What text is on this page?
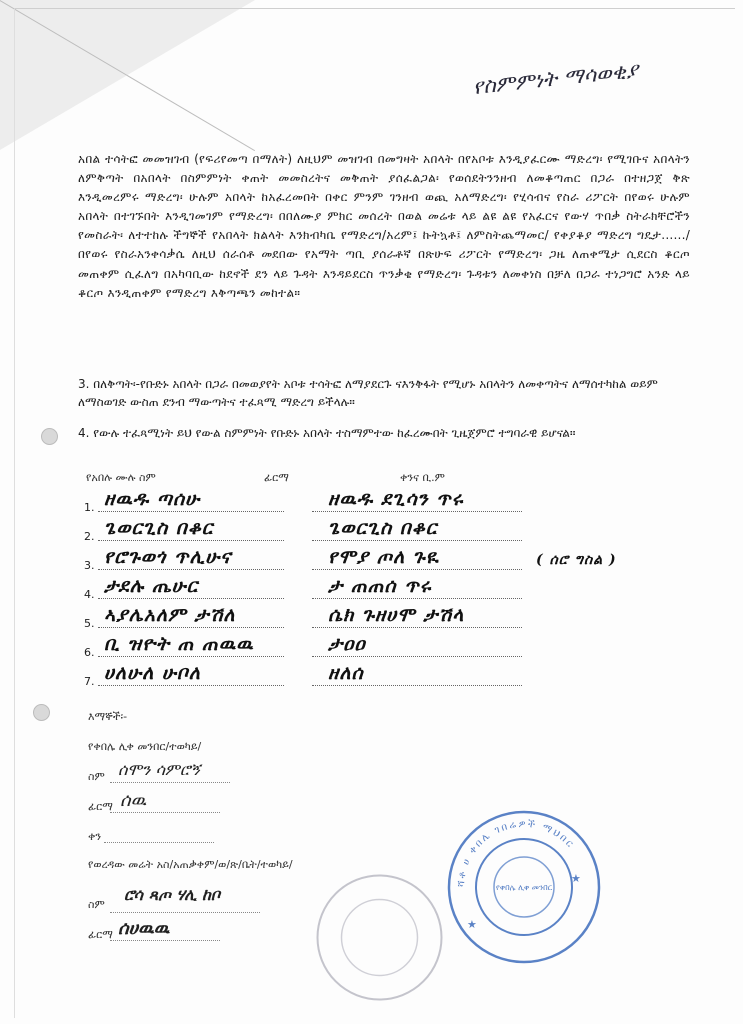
የስምምነት ማሳወቂያ
አበል ተሳትፎ መመዝገብ (የፍሪየመጣ በማለት) ለዚህም መዝገብ በመግዛት አበላት በየአቦቱ እንዲያፈርሙ ማድረግ፡ የሚገቡና አበላትን ለምቅጣት በአበላት በስምምነት ቀጠት መመስረትና መቅጠት ያሰፈልጋል፡ የወሰደትንንዘብ ለመቆጣጠር በጋራ በተዘጋጀ ቅጽ እንዲመረምሩ ማድረግ፡ ሁሉም አበላት ከአፈረመበት በቀር ምንም ገንዘብ ወጪ አለማድረግ፡ የሂሳብና የስራ ሪፖርት በየወሩ ሁሉም አበላት በተገኙበት እንዲገመገም የማድረግ፡ በበለሙያ ምክር መሰረት በወል መሬቱ ላይ ልዩ ልዩ የአፈርና የውሃ ጥበቃ ስትራክቸሮችን የመስራት፡ ለተተከሉ ችግኞች የአበላት ክልላት እንክብካቤ የማድረግ/አረም፤ ኩትኳቶ፤ ለምስትጨማመር/ የቀያቆያ ማድረግ ግዴታ....../ በየወሩ የስራአንቀሳቃሴ ለዚህ ሰራሰቶ መደበው የአማት ጣቢ ያሰራቶኛ በጽሁፍ ሪፖርት የማድረግ፡ ጋዜ ለጠቀሜታ ሲደርስ ቆርጦ መጠቀም ሲፈለግ በአካባቢው ከደኖች ደን ላይ ጉዳት እንዳይደርስ ጥንቃቄ የማድረግ፡ ጉዳቱን ለመቀነስ በቻለ በጋራ ተነጋግሮ አንድ ላይ ቆርጦ እንዲጠቀም የማድረግ እቅጣጫን መከተል።
3. በለቅጣት፡-የቡድኑ አበላት በጋራ በመወያየት አቦቱ ተሳትፎ ለማያደርጉ ናእንቅፋት የሚሆኑ አበላትን ለመቀጣትና ለማሰተካከል ወይም ለማስወገድ ውስጠ ደንብ ማውጣትና ተፈጻሚ ማድረግ ይችላሉ።
4. የውሉ ተፈጻሚነት ይህ የውል ስምምነት የቡድኑ አበላት ተስማምተው ከፈረሙበት ጊዜጀምሮ ተግባራዊ ይሆናል።
የአበሉ ሙሉ ስም	ፊርማ	ቀንና ቢ.ም
1. ዘዉዱ ጣሰሁ	ዘዉዱ ደጊሳን ጥሩ
2. ጌወርጊስ በቆር	ጌወርጊስ በቆር
3. የሮጉወጎ ጥሊሁና	የሞያ ጦለ ጉዪ	( ሰሮ ግስል )
4. ታደሉ ጤሁር	ታ ጠጠሰ ጥሩ
5. ኣያሌአለም ታሽለ	ሴክ ጉዘሀሞ ታሽላ
6. ቢ ዝዮት ጠ ጠዉዉ	ታዐዐ
7. ሀለሁለ ሁቦለ	ዘለሰ
እማኞች፡-
የቀበሌ ሊቀ መንበር/ተወካይ/
ስም ሰሞን ሳምሮኝ
ፊርማ ሰዉ
ቀን
የወረዳው መሬት አስ/አጠቃቀም/ወ/ጽ/ቤት/ተወካይ/
ስም
ሮሳ ጻጦ ሃሊ ከቦ
ፊርማ ሰሀዉዉ
ሻቶ ሀ ቀበሌ ገበሬዎች ማህበር
የቀበሌ ሊቀ መንበር
★
★
